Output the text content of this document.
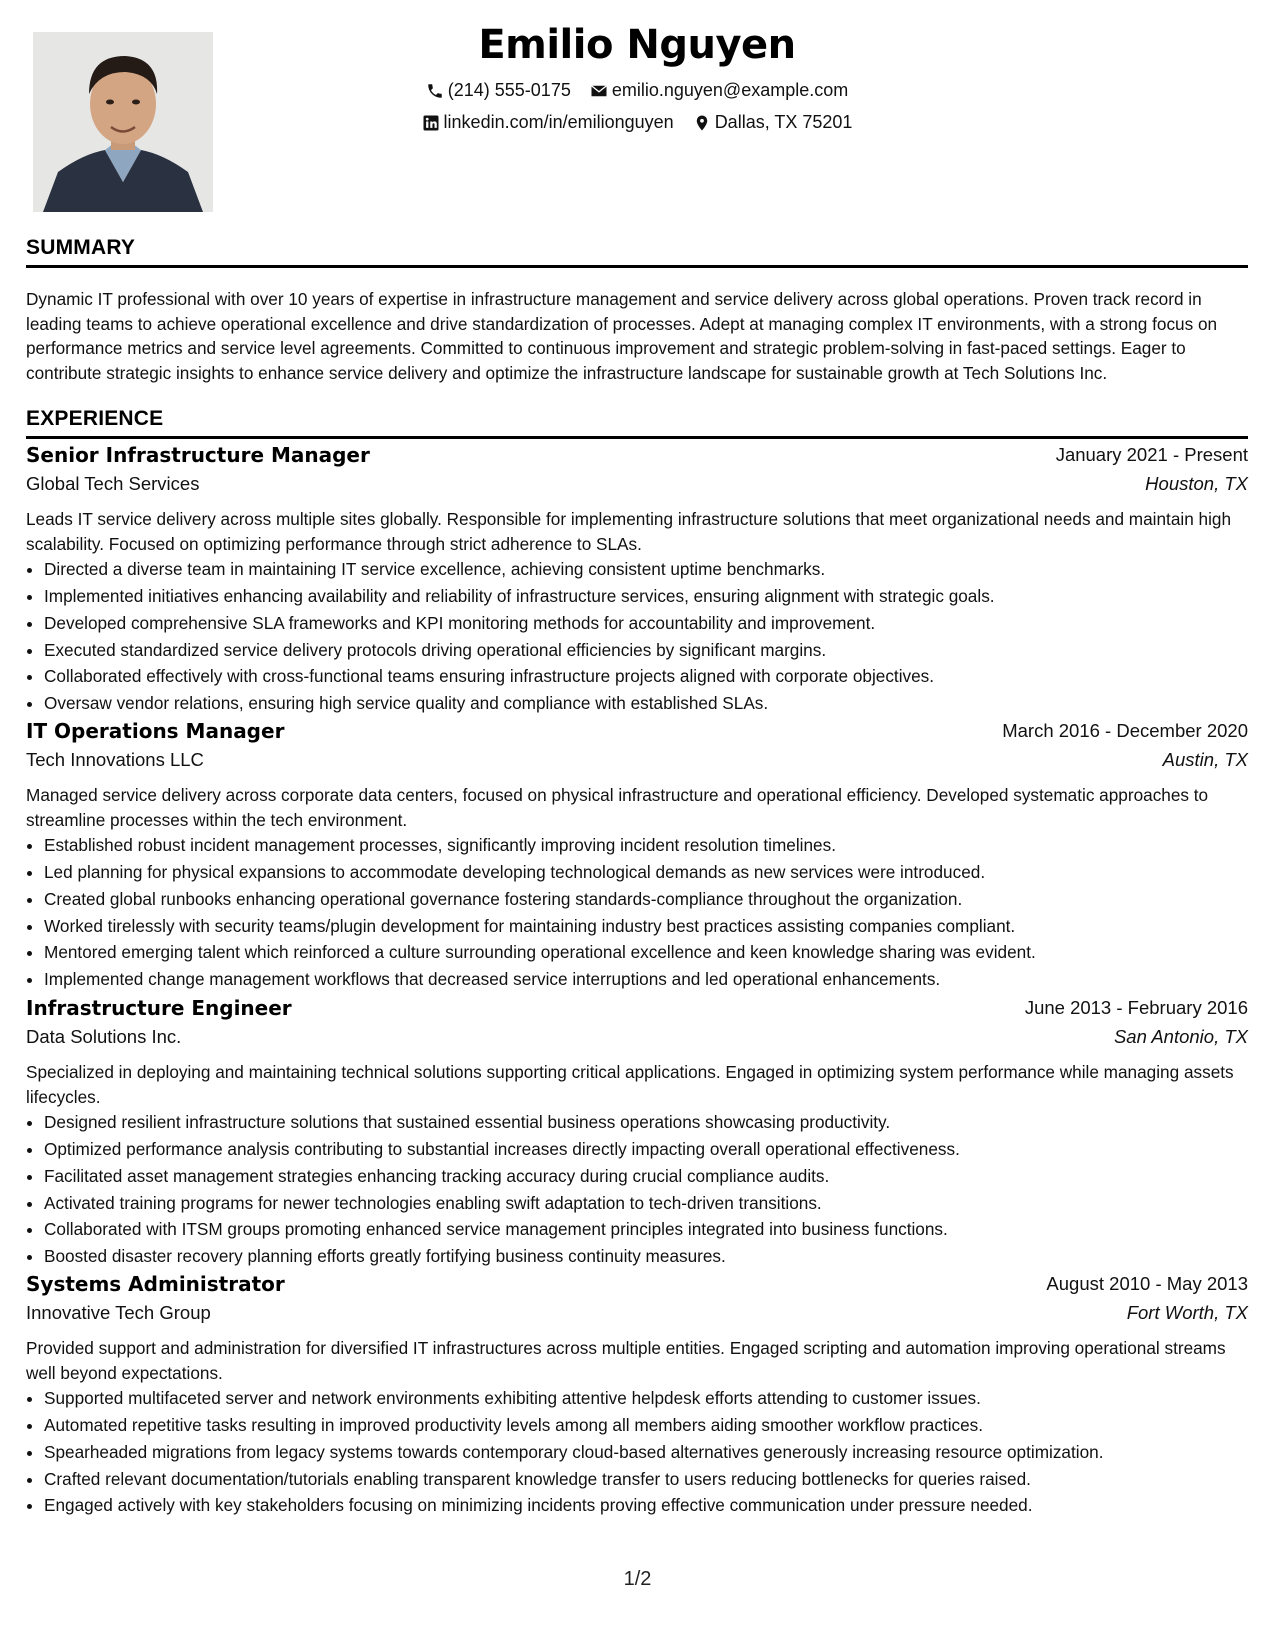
Emilio Nguyen
(214) 555-0175
emilio.nguyen@example.com
linkedin.com/in/emilionguyen
Dallas, TX 75201
SUMMARY

Dynamic IT professional with over 10 years of expertise in infrastructure management and service delivery across global operations. Proven track record in leading teams to achieve operational excellence and drive standardization of processes. Adept at managing complex IT environments, with a strong focus on performance metrics and service level agreements. Committed to continuous improvement and strategic problem-solving in fast-paced settings. Eager to contribute strategic insights to enhance service delivery and optimize the infrastructure landscape for sustainable growth at Tech Solutions Inc.

EXPERIENCE
Senior Infrastructure Manager	January 2021 - Present
Global Tech Services	Houston, TX

Leads IT service delivery across multiple sites globally. Responsible for implementing infrastructure solutions that meet organizational needs and maintain high scalability. Focused on optimizing performance through strict adherence to SLAs.

• Directed a diverse team in maintaining IT service excellence, achieving consistent uptime benchmarks.
• Implemented initiatives enhancing availability and reliability of infrastructure services, ensuring alignment with strategic goals.
• Developed comprehensive SLA frameworks and KPI monitoring methods for accountability and improvement.
• Executed standardized service delivery protocols driving operational efficiencies by significant margins.
• Collaborated effectively with cross-functional teams ensuring infrastructure projects aligned with corporate objectives.
• Oversaw vendor relations, ensuring high service quality and compliance with established SLAs.
IT Operations Manager	March 2016 - December 2020
Tech Innovations LLC	Austin, TX

Managed service delivery across corporate data centers, focused on physical infrastructure and operational efficiency. Developed systematic approaches to streamline processes within the tech environment.

• Established robust incident management processes, significantly improving incident resolution timelines.
• Led planning for physical expansions to accommodate developing technological demands as new services were introduced.
• Created global runbooks enhancing operational governance fostering standards-compliance throughout the organization.
• Worked tirelessly with security teams/plugin development for maintaining industry best practices assisting companies compliant.
• Mentored emerging talent which reinforced a culture surrounding operational excellence and keen knowledge sharing was evident.
• Implemented change management workflows that decreased service interruptions and led operational enhancements.
Infrastructure Engineer	June 2013 - February 2016
Data Solutions Inc.	San Antonio, TX

Specialized in deploying and maintaining technical solutions supporting critical applications. Engaged in optimizing system performance while managing assets lifecycles.

• Designed resilient infrastructure solutions that sustained essential business operations showcasing productivity.
• Optimized performance analysis contributing to substantial increases directly impacting overall operational effectiveness.
• Facilitated asset management strategies enhancing tracking accuracy during crucial compliance audits.
• Activated training programs for newer technologies enabling swift adaptation to tech-driven transitions.
• Collaborated with ITSM groups promoting enhanced service management principles integrated into business functions.
• Boosted disaster recovery planning efforts greatly fortifying business continuity measures.
Systems Administrator	August 2010 - May 2013
Innovative Tech Group	Fort Worth, TX

Provided support and administration for diversified IT infrastructures across multiple entities. Engaged scripting and automation improving operational streams well beyond expectations.

• Supported multifaceted server and network environments exhibiting attentive helpdesk efforts attending to customer issues.
• Automated repetitive tasks resulting in improved productivity levels among all members aiding smoother workflow practices.
• Spearheaded migrations from legacy systems towards contemporary cloud-based alternatives generously increasing resource optimization.
• Crafted relevant documentation/tutorials enabling transparent knowledge transfer to users reducing bottlenecks for queries raised.
• Engaged actively with key stakeholders focusing on minimizing incidents proving effective communication under pressure needed.
1/2
